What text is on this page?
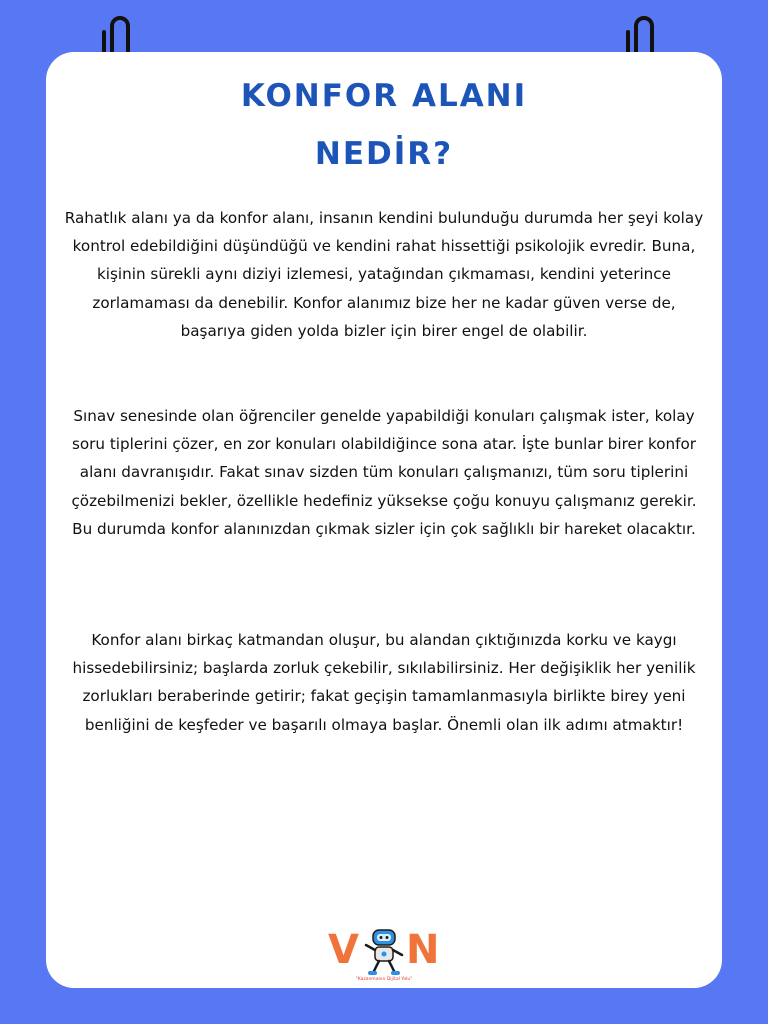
KONFOR ALANI
NEDİR?

Rahatlık alanı ya da konfor alanı, insanın kendini bulunduğu durumda her şeyi kolay kontrol edebildiğini düşündüğü ve kendini rahat hissettiği psikolojik evredir. Buna, kişinin sürekli aynı diziyi izlemesi, yatağından çıkmaması, kendini yeterince zorlamaması da denebilir. Konfor alanımız bize her ne kadar güven verse de, başarıya giden yolda bizler için birer engel de olabilir.

Sınav senesinde olan öğrenciler genelde yapabildiği konuları çalışmak ister, kolay soru tiplerini çözer, en zor konuları olabildiğince sona atar. İşte bunlar birer konfor alanı davranışıdır. Fakat sınav sizden tüm konuları çalışmanızı, tüm soru tiplerini çözebilmenizi bekler, özellikle hedefiniz yüksekse çoğu konuyu çalışmanız gerekir. Bu durumda konfor alanınızdan çıkmak sizler için çok sağlıklı bir hareket olacaktır.

Konfor alanı birkaç katmandan oluşur, bu alandan çıktığınızda korku ve kaygı hissedebilirsiniz; başlarda zorluk çekebilir, sıkılabilirsiniz. Her değişiklik her yenilik zorlukları beraberinde getirir; fakat geçişin tamamlanmasıyla birlikte birey yeni benliğini de keşfeder ve başarılı olmaya başlar. Önemli olan ilk adımı atmaktır!

V N
"Kazanmanın Dijital Yolu"
